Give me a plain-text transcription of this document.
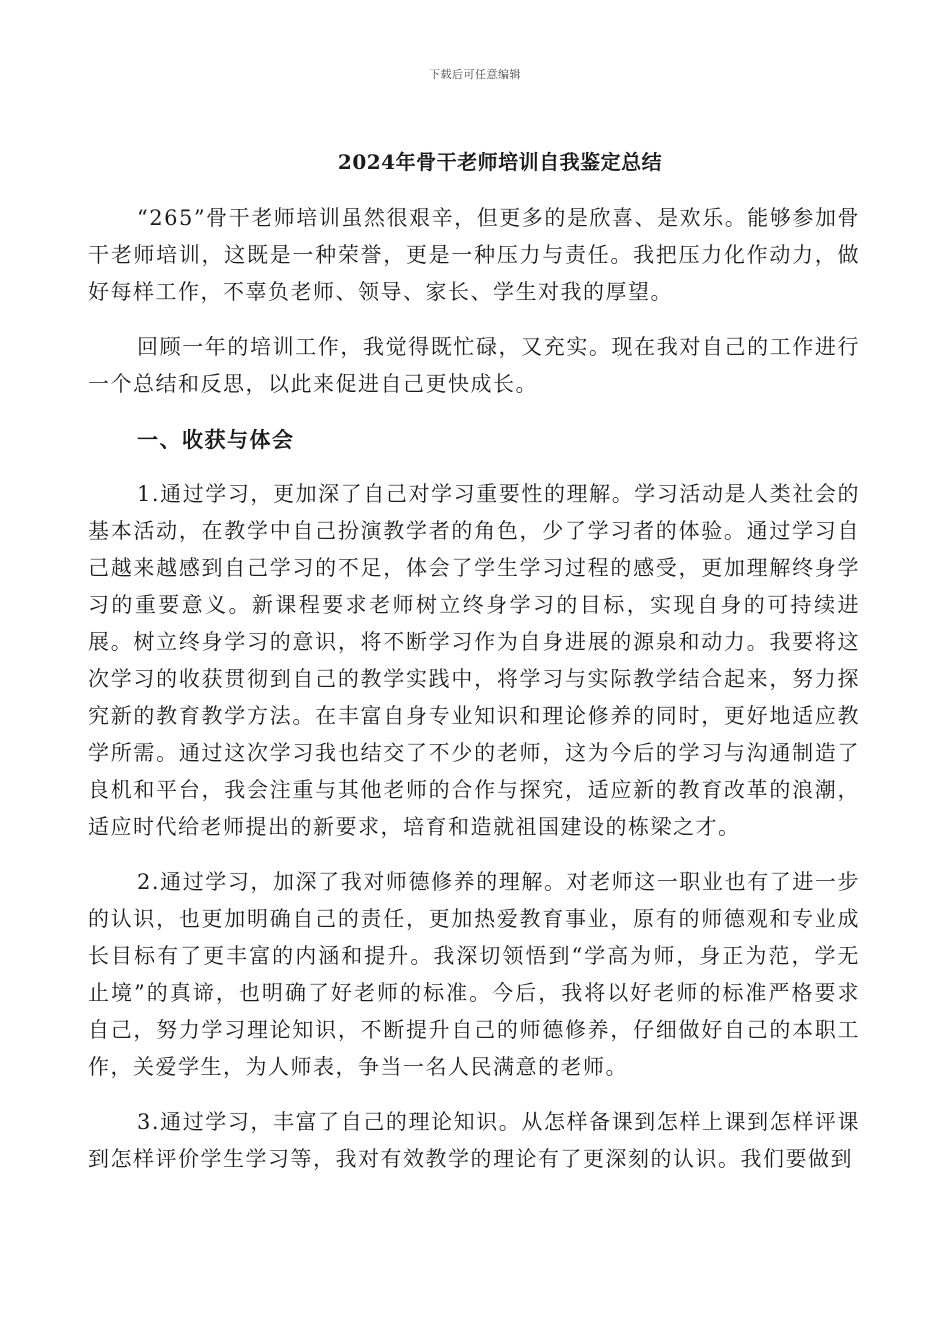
下载后可任意编辑
2024年骨干老师培训自我鉴定总结

“265”骨干老师培训虽然很艰辛，但更多的是欣喜、是欢乐。能够参加骨干老师培训，这既是一种荣誉，更是一种压力与责任。我把压力化作动力，做好每样工作，不辜负老师、领导、家长、学生对我的厚望。

回顾一年的培训工作，我觉得既忙碌，又充实。现在我对自己的工作进行一个总结和反思，以此来促进自己更快成长。

一、收获与体会

1.通过学习，更加深了自己对学习重要性的理解。学习活动是人类社会的基本活动，在教学中自己扮演教学者的角色，少了学习者的体验。通过学习自己越来越感到自己学习的不足，体会了学生学习过程的感受，更加理解终身学习的重要意义。新课程要求老师树立终身学习的目标，实现自身的可持续进展。树立终身学习的意识，将不断学习作为自身进展的源泉和动力。我要将这次学习的收获贯彻到自己的教学实践中，将学习与实际教学结合起来，努力探究新的教育教学方法。在丰富自身专业知识和理论修养的同时，更好地适应教学所需。通过这次学习我也结交了不少的老师，这为今后的学习与沟通制造了良机和平台，我会注重与其他老师的合作与探究，适应新的教育改革的浪潮，适应时代给老师提出的新要求，培育和造就祖国建设的栋梁之才。

2.通过学习，加深了我对师德修养的理解。对老师这一职业也有了进一步的认识，也更加明确自己的责任，更加热爱教育事业，原有的师德观和专业成长目标有了更丰富的内涵和提升。我深切领悟到“学高为师，身正为范，学无止境”的真谛，也明确了好老师的标准。今后，我将以好老师的标准严格要求自己，努力学习理论知识，不断提升自己的师德修养，仔细做好自己的本职工作，关爱学生，为人师表，争当一名人民满意的老师。

3.通过学习，丰富了自己的理论知识。从怎样备课到怎样上课到怎样评课到怎样评价学生学习等，我对有效教学的理论有了更深刻的认识。我们要做到
